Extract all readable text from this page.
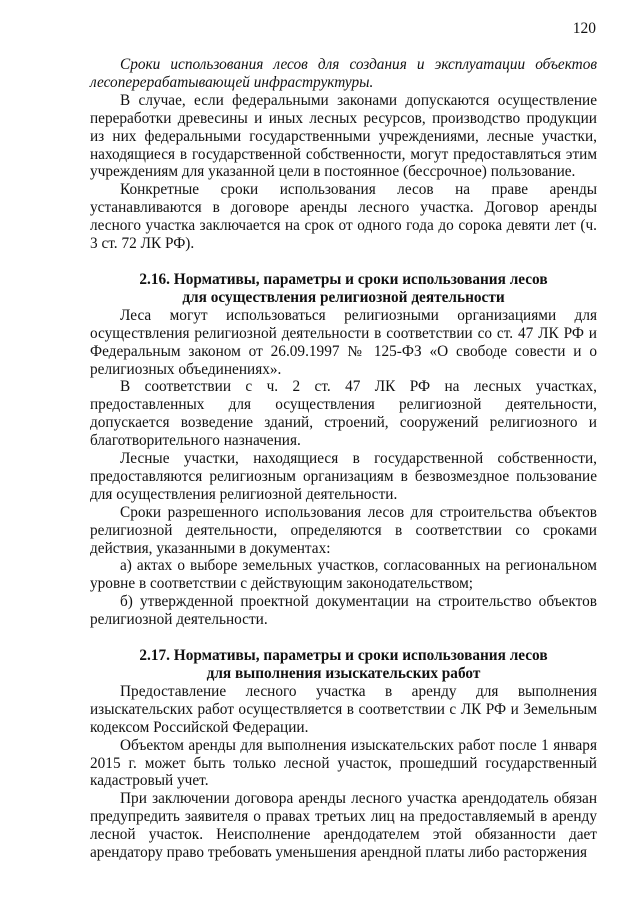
120

Сроки использования лесов для создания и эксплуатации объектов лесоперерабатывающей инфраструктуры.

В случае, если федеральными законами допускаются осуществление переработки древесины и иных лесных ресурсов, производство продукции из них федеральными государственными учреждениями, лесные участки, находящиеся в государственной собственности, могут предоставляться этим учреждениям для указанной цели в постоянное (бессрочное) пользование.

Конкретные сроки использования лесов на праве аренды устанавливаются в договоре аренды лесного участка. Договор аренды лесного участка заключается на срок от одного года до сорока девяти лет (ч. 3 ст. 72 ЛК РФ).

2.16. Нормативы, параметры и сроки использования лесов
для осуществления религиозной деятельности

Леса могут использоваться религиозными организациями для осуществления религиозной деятельности в соответствии со ст. 47 ЛК РФ и Федеральным законом от 26.09.1997 № 125-ФЗ «О свободе совести и о религиозных объединениях».

В соответствии с ч. 2 ст. 47 ЛК РФ на лесных участках, предоставленных для осуществления религиозной деятельности, допускается возведение зданий, строений, сооружений религиозного и благотворительного назначения.

Лесные участки, находящиеся в государственной собственности, предоставляются религиозным организациям в безвозмездное пользование для осуществления религиозной деятельности.

Сроки разрешенного использования лесов для строительства объектов религиозной деятельности, определяются в соответствии со сроками действия, указанными в документах:

а) актах о выборе земельных участков, согласованных на региональном уровне в соответствии с действующим законодательством;

б) утвержденной проектной документации на строительство объектов религиозной деятельности.

2.17. Нормативы, параметры и сроки использования лесов
для выполнения изыскательских работ

Предоставление лесного участка в аренду для выполнения изыскательских работ осуществляется в соответствии с ЛК РФ и Земельным кодексом Российской Федерации.

Объектом аренды для выполнения изыскательских работ после 1 января 2015 г. может быть только лесной участок, прошедший государственный кадастровый учет.

При заключении договора аренды лесного участка арендодатель обязан предупредить заявителя о правах третьих лиц на предоставляемый в аренду лесной участок. Неисполнение арендодателем этой обязанности дает арендатору право требовать уменьшения арендной платы либо расторжения
